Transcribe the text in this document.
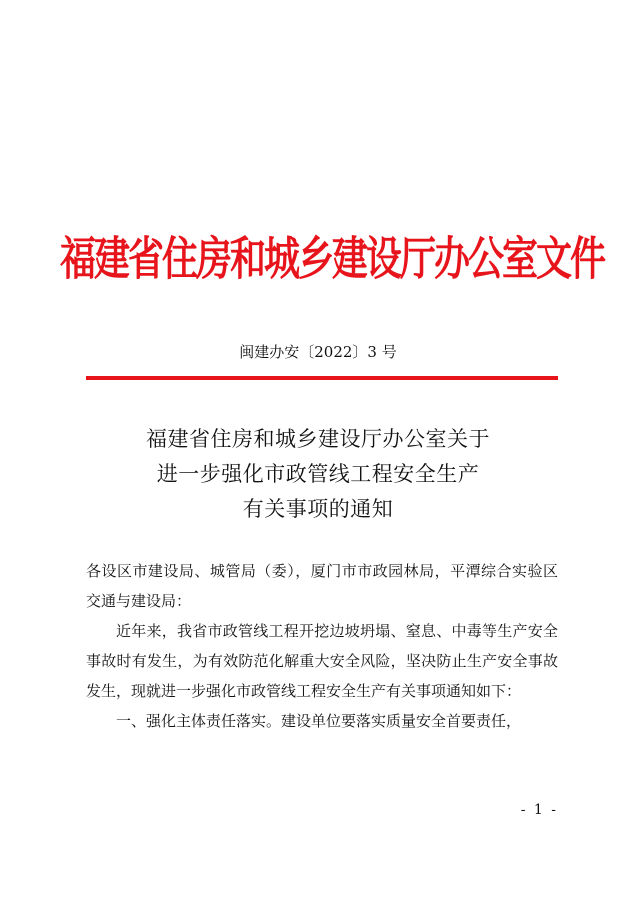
福建省住房和城乡建设厅办公室文件
闽建办安〔2022〕3 号
福建省住房和城乡建设厅办公室关于
进一步强化市政管线工程安全生产
有关事项的通知

各设区市建设局、城管局（委），厦门市市政园林局，平潭综合实验区交通与建设局：

近年来，我省市政管线工程开挖边坡坍塌、窒息、中毒等生产安全事故时有发生，为有效防范化解重大安全风险，坚决防止生产安全事故发生，现就进一步强化市政管线工程安全生产有关事项通知如下：

一、强化主体责任落实。建设单位要落实质量安全首要责任，

- 1 -
